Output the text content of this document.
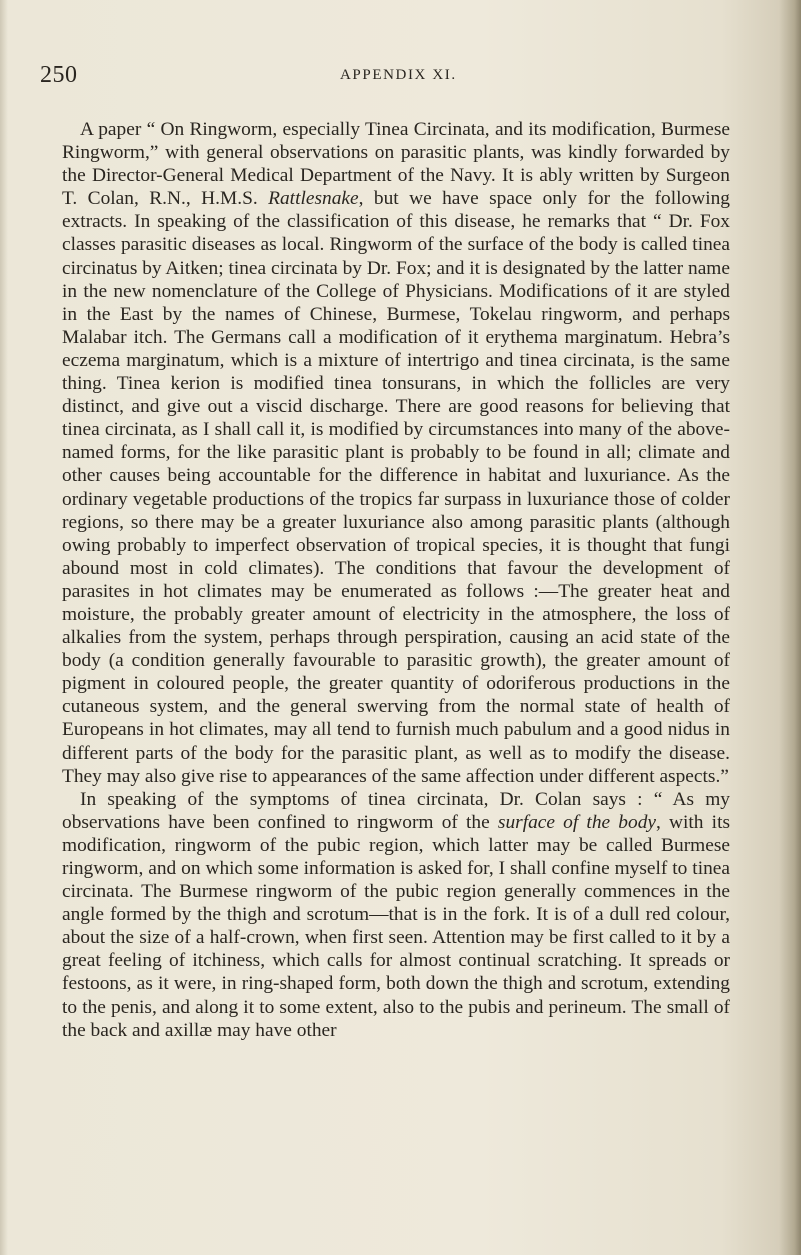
250	APPENDIX XI.

A paper “ On Ringworm, especially Tinea Circinata, and its modification, Burmese Ringworm,” with general observations on parasitic plants, was kindly forwarded by the Director-General Medical Department of the Navy. It is ably written by Surgeon T. Colan, R.N., H.M.S. Rattlesnake, but we have space only for the following extracts. In speaking of the classification of this disease, he remarks that “ Dr. Fox classes parasitic diseases as local. Ringworm of the surface of the body is called tinea circinatus by Aitken; tinea circinata by Dr. Fox; and it is designated by the latter name in the new nomenclature of the College of Physicians. Modifications of it are styled in the East by the names of Chinese, Burmese, Tokelau ringworm, and perhaps Malabar itch. The Germans call a modification of it erythema marginatum. Hebra’s eczema marginatum, which is a mixture of intertrigo and tinea circinata, is the same thing. Tinea kerion is modified tinea tonsurans, in which the follicles are very distinct, and give out a viscid discharge. There are good reasons for believing that tinea circinata, as I shall call it, is modified by circumstances into many of the above-named forms, for the like parasitic plant is probably to be found in all; climate and other causes being accountable for the difference in habitat and luxuriance. As the ordinary vegetable productions of the tropics far surpass in luxuriance those of colder regions, so there may be a greater luxuriance also among parasitic plants (although owing probably to imperfect observation of tropical species, it is thought that fungi abound most in cold climates). The conditions that favour the development of parasites in hot climates may be enumerated as follows :—The greater heat and moisture, the probably greater amount of electricity in the atmosphere, the loss of alkalies from the system, perhaps through perspiration, causing an acid state of the body (a condition generally favourable to parasitic growth), the greater amount of pigment in coloured people, the greater quantity of odoriferous productions in the cutaneous system, and the general swerving from the normal state of health of Europeans in hot climates, may all tend to furnish much pabulum and a good nidus in different parts of the body for the parasitic plant, as well as to modify the disease. They may also give rise to appearances of the same affection under different aspects.”

In speaking of the symptoms of tinea circinata, Dr. Colan says : “ As my observations have been confined to ringworm of the surface of the body, with its modification, ringworm of the pubic region, which latter may be called Burmese ringworm, and on which some information is asked for, I shall confine myself to tinea circinata. The Burmese ringworm of the pubic region generally commences in the angle formed by the thigh and scrotum—that is in the fork. It is of a dull red colour, about the size of a half-crown, when first seen. Attention may be first called to it by a great feeling of itchiness, which calls for almost continual scratching. It spreads or festoons, as it were, in ring-shaped form, both down the thigh and scrotum, extending to the penis, and along it to some extent, also to the pubis and perineum. The small of the back and axillæ may have other
